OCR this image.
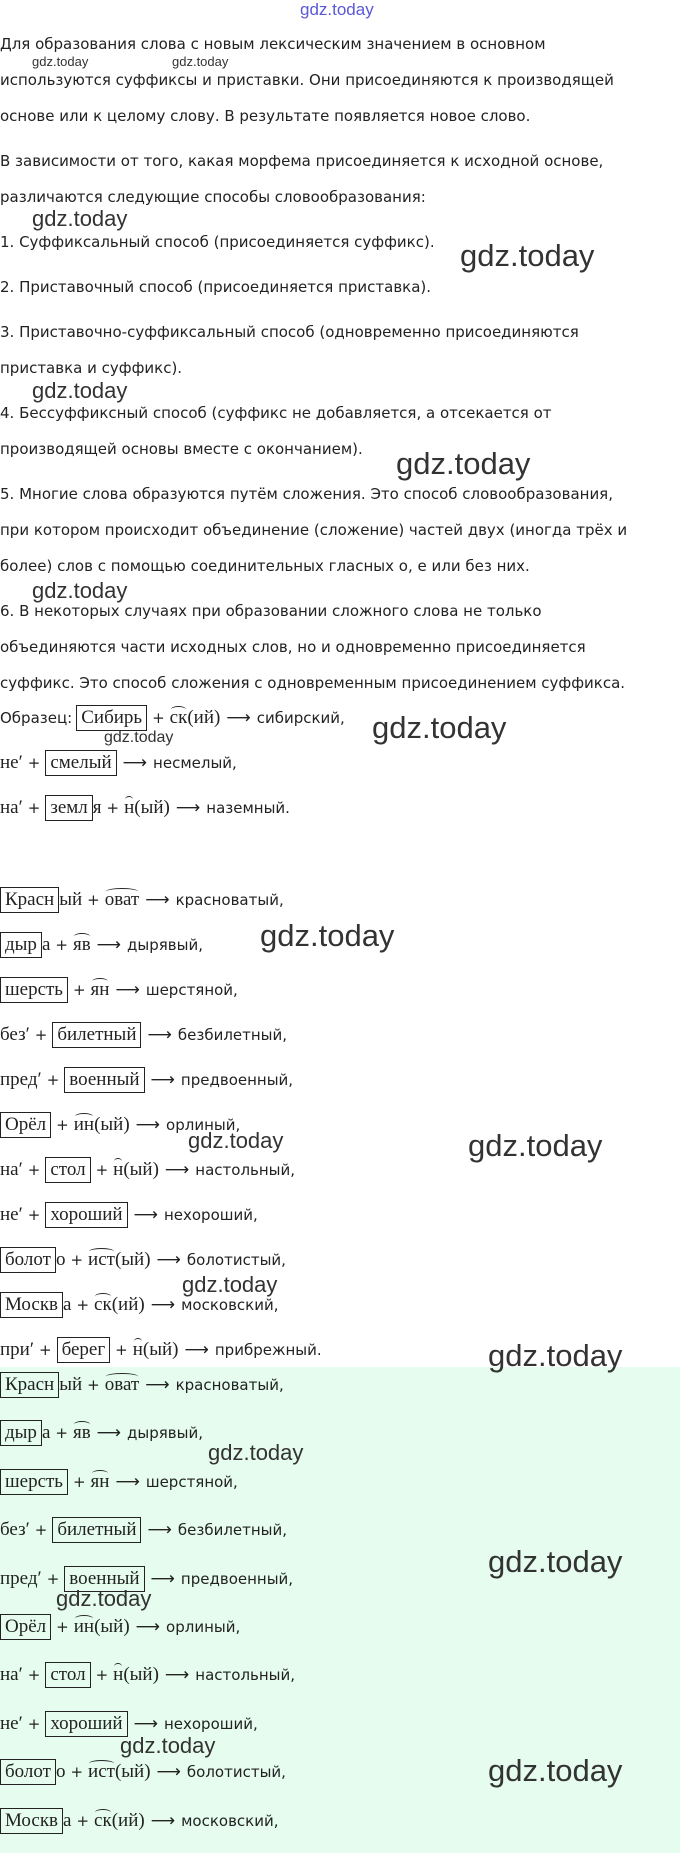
gdz.today
Для образования слова с новым лексическим значением в основном
используются суффиксы и приставки. Они присоединяются к производящей
основе или к целому слову. В результате появляется новое слово.
В зависимости от того, какая морфема присоединяется к исходной основе,
различаются следующие способы словообразования:
1. Суффиксальный способ (присоединяется суффикс).
2. Приставочный способ (присоединяется приставка).
3. Приставочно-суффиксальный способ (одновременно присоединяются
приставка и суффикс).
4. Бессуффиксный способ (суффикс не добавляется, а отсекается от
производящей основы вместе с окончанием).
5. Многие слова образуются путём сложения. Это способ словообразования,
при котором происходит объединение (сложение) частей двух (иногда трёх и
более) слов с помощью соединительных гласных о, е или без них.
6. В некоторых случаях при образовании сложного слова не только
объединяются части исходных слов, но и одновременно присоединяется
суффикс. Это способ сложения с одновременным присоединением суффикса.
Образец: Сибирь + ск (ий) ⟶ сибирский,
не ′ + смелый ⟶ несмелый,
на ′ + земл я + н (ый) ⟶ наземный.
Красн ый + оват ⟶ красноватый,
дыр а + яв ⟶ дырявый,
шерсть + ян ⟶ шерстяной,
без ′ + билетный ⟶ безбилетный,
пред ′ + военный ⟶ предвоенный,
Орёл + ин (ый) ⟶ орлиный,
на ′ + стол + н (ый) ⟶ настольный,
не ′ + хороший ⟶ нехороший,
болот о + ист (ый) ⟶ болотистый,
Москв а + ск (ий) ⟶ московский,
при ′ + берег + н (ый) ⟶ прибрежный.
Красн ый + оват ⟶ красноватый,
дыр а + яв ⟶ дырявый,
шерсть + ян ⟶ шерстяной,
без ′ + билетный ⟶ безбилетный,
пред ′ + военный ⟶ предвоенный,
Орёл + ин (ый) ⟶ орлиный,
на ′ + стол + н (ый) ⟶ настольный,
не ′ + хороший ⟶ нехороший,
болот о + ист (ый) ⟶ болотистый,
Москв а + ск (ий) ⟶ московский,
gdz.today	gdz.today
gdz.today
gdz.today
gdz.today
gdz.today
gdz.today
gdz.today
gdz.today
gdz.today
gdz.today
gdz.today
gdz.today
gdz.today
gdz.today
gdz.today
gdz.today
gdz.today
gdz.today
